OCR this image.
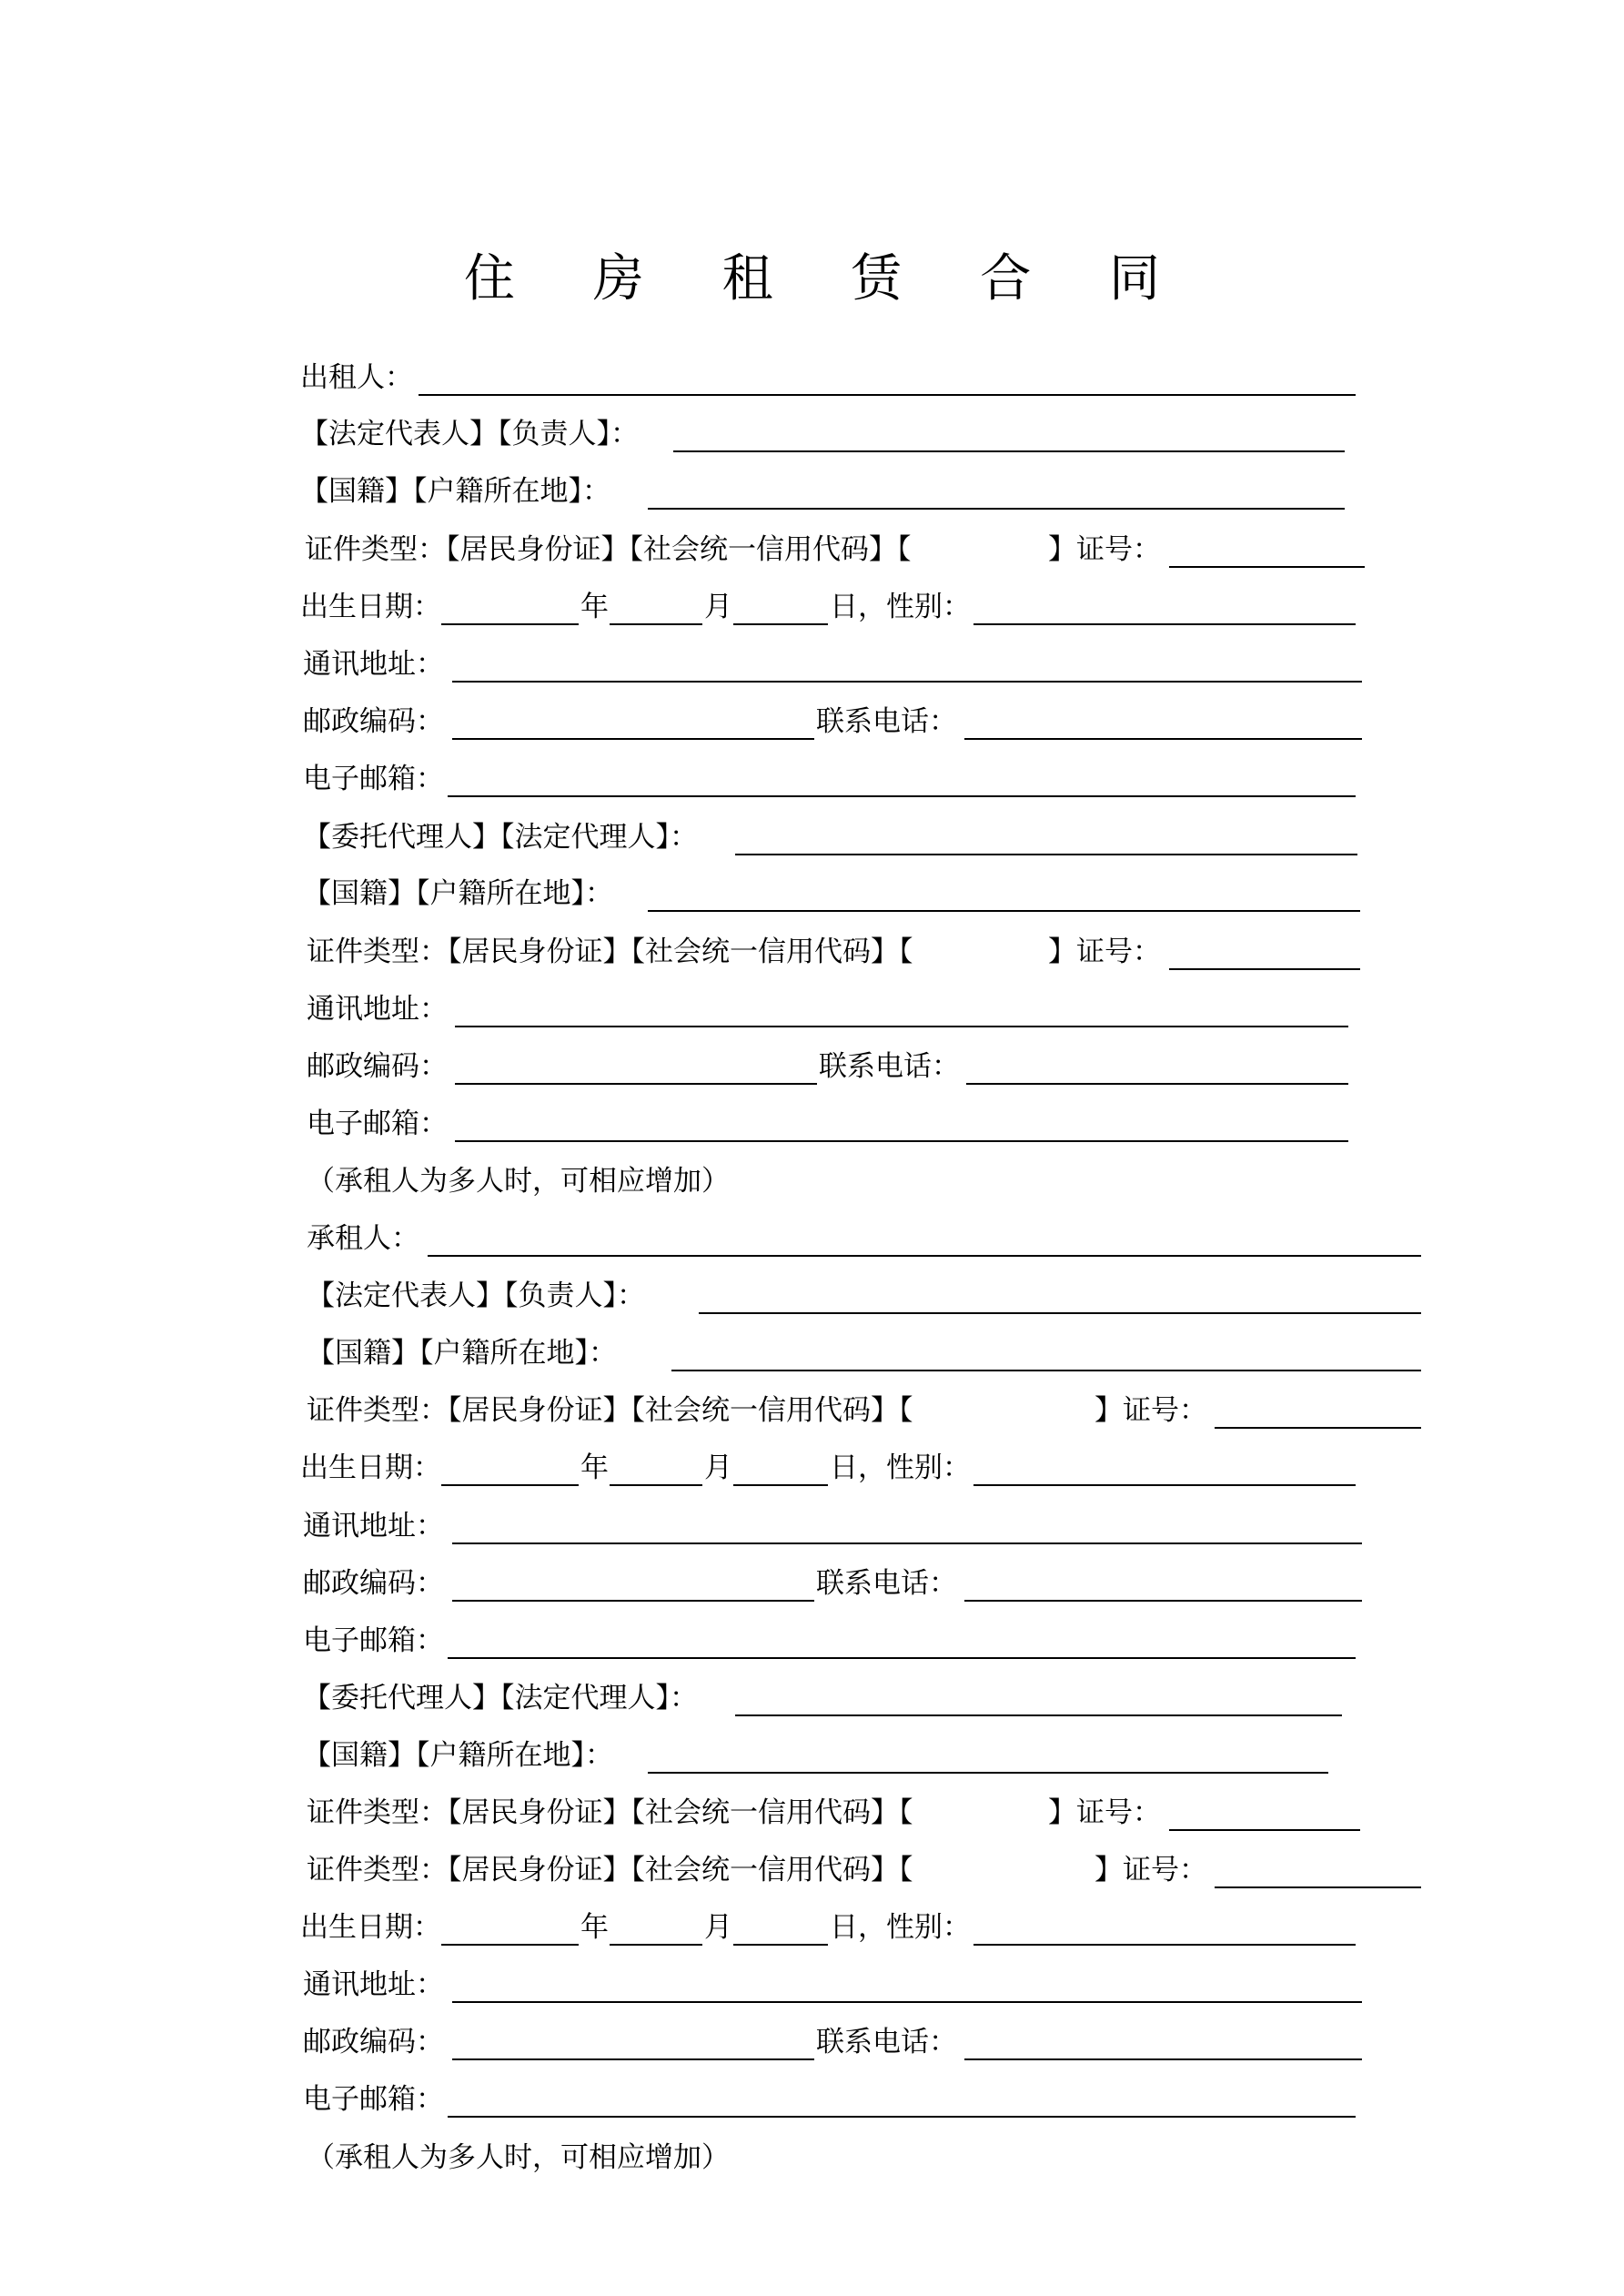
住 房 租 赁 合 同
出租人：
【法定代表人】【负责人】：
【国籍】【户籍所在地】：
证件类型：【居民身份证】【社会统一信用代码】【	】证号：
出生日期：	年	月	日，性别：
通讯地址：
邮政编码：	联系电话：
电子邮箱：
【委托代理人】【法定代理人】：
【国籍】【户籍所在地】：
证件类型：【居民身份证】【社会统一信用代码】【	】证号：
通讯地址：
邮政编码：	联系电话：
电子邮箱：
（承租人为多人时，可相应增加）
承租人：
【法定代表人】【负责人】：
【国籍】【户籍所在地】：
证件类型：【居民身份证】【社会统一信用代码】【	】证号：
出生日期：	年	月	日，性别：
通讯地址：
邮政编码：	联系电话：
电子邮箱：
【委托代理人】【法定代理人】：
【国籍】【户籍所在地】：
证件类型：【居民身份证】【社会统一信用代码】【	】证号：
证件类型：【居民身份证】【社会统一信用代码】【	】证号：
出生日期：	年	月	日，性别：
通讯地址：
邮政编码：	联系电话：
电子邮箱：
（承租人为多人时，可相应增加）
